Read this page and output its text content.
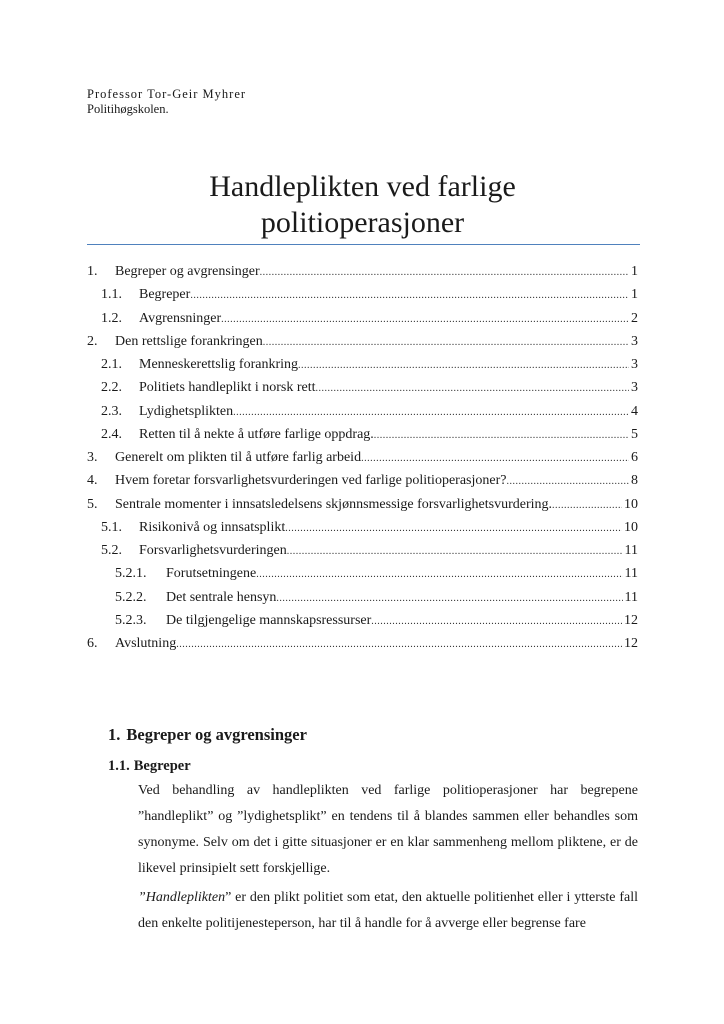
Professor Tor-Geir Myhrer
Politihøgskolen.
Handleplikten ved farlige
politioperasjoner
1.	Begreper og avgrensinger .....	1
1.1.	Begreper .....	1
1.2.	Avgrensninger .....	2
2.	Den rettslige forankringen .....	3
2.1.	Menneskerettslig forankring .....	3
2.2.	Politiets handleplikt i norsk rett .....	3
2.3.	Lydighetsplikten .....	4
2.4.	Retten til å nekte å utføre farlige oppdrag. .....	5
3.	Generelt om plikten til å utføre farlig arbeid .....	6
4.	Hvem foretar forsvarlighetsvurderingen ved farlige politioperasjoner? .....	8
5.	Sentrale momenter i innsatsledelsens skjønnsmessige forsvarlighetsvurdering. .....	10
5.1.	Risikonivå og innsatsplikt .....	10
5.2.	Forsvarlighetsvurderingen .....	11
5.2.1.	Forutsetningene .....	11
5.2.2.	Det sentrale hensyn .....	11
5.2.3.	De tilgjengelige mannskapsressurser .....	12
6.	Avslutning .....	12
1. Begreper og avgrensinger
1.1. Begreper

Ved behandling av handleplikten ved farlige politioperasjoner har begrepene ”handleplikt” og ”lydighetsplikt” en tendens til å blandes sammen eller behandles som synonyme. Selv om det i gitte situasjoner er en klar sammenheng mellom pliktene, er de likevel prinsipielt sett forskjellige.

”Handleplikten” er den plikt politiet som etat, den aktuelle politienhet eller i ytterste fall den enkelte politijenesteperson, har til å handle for å avverge eller begrense fare
